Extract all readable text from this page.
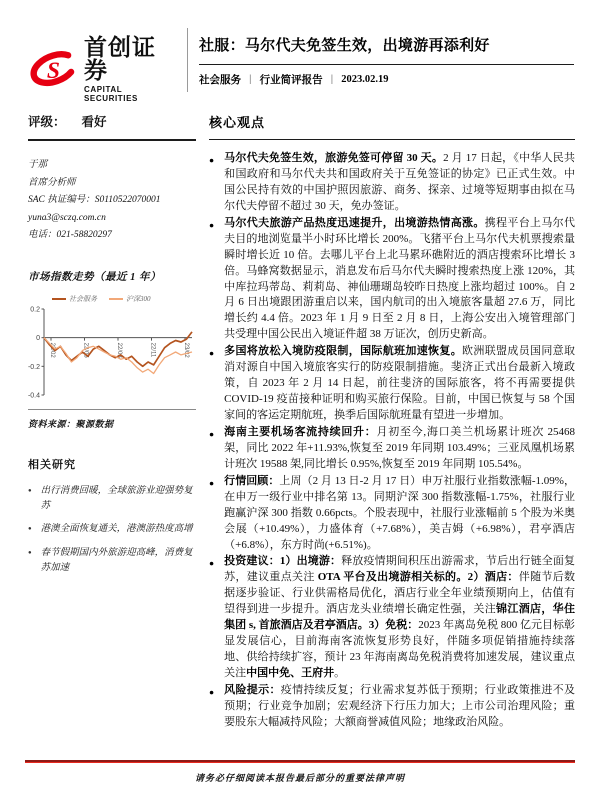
S
首创证券
CAPITAL SECURITIES
社服：马尔代夫免签生效，出境游再添利好
社会服务 | 行业简评报告 | 2023.02.19
评级： 看好
于那
首席分析师
SAC 执证编号：S0110522070001
yuna3@sczq.com.cn
电话：021-58820297
市场指数走势（最近 1 年）
社会服务	沪深300
0.2
0
-0.2
-0.4
22/02	22/05	22/08	22/11	23/02
资料来源：聚源数据
相关研究
● 出行消费回暖，全球旅游业迎强势复苏
● 港澳全面恢复通关，港澳游热度高增
● 春节假期国内外旅游迎高峰，消费复苏加速
核心观点
● 马尔代夫免签生效，旅游免签可停留 30 天。2 月 17 日起，《中华人民共和国政府和马尔代夫共和国政府关于互免签证的协定》已正式生效。中国公民持有效的中国护照因旅游、商务、探亲、过境等短期事由拟在马尔代夫停留不超过 30 天，免办签证。
● 马尔代夫旅游产品热度迅速提升，出境游热情高涨。携程平台上马尔代夫目的地浏览量半小时环比增长 200%。飞猪平台上马尔代夫机票搜索量瞬时增长近 10 倍。去哪儿平台上北马累环礁附近的酒店搜索环比增长 3 倍。马蜂窝数据显示，消息发布后马尔代夫瞬时搜索热度上涨 120%，其中库拉玛蒂岛、莉莉岛、神仙珊瑚岛较昨日热度上涨均超过 100%。自 2 月 6 日出境跟团游重启以来，国内航司的出入境旅客量超 27.6 万，同比增长约 4.4 倍。2023 年 1 月 9 日至 2 月 8 日，上海公安出入境管理部门共受理中国公民出入境证件超 38 万证次，创历史新高。
● 多国将放松入境防疫限制，国际航班加速恢复。欧洲联盟成员国同意取消对源自中国入境旅客实行的防疫限制措施。斐济正式出台最新入境政策，自 2023 年 2 月 14 日起，前往斐济的国际旅客，将不再需要提供 COVID-19 疫苗接种证明和购买旅行保险。目前，中国已恢复与 58 个国家间的客运定期航班，换季后国际航班量有望进一步增加。
● 海南主要机场客流持续回升：月初至今,海口美兰机场累计班次 25468 架，同比 2022 年+11.93%,恢复至 2019 年同期 103.49%；三亚凤凰机场累计班次 19588 架,同比增长 0.95%,恢复至 2019 年同期 105.54%。
● 行情回顾：上周（2 月 13 日-2 月 17 日）申万社服行业指数涨幅-1.09%，在申万一级行业中排名第 13。同期沪深 300 指数涨幅-1.75%，社服行业跑赢沪深 300 指数 0.66pcts。个股表现中，社服行业涨幅前 5 个股为米奥会展（+10.49%），力盛体育（+7.68%），美吉姆（+6.98%），君亭酒店（+6.8%），东方时尚(+6.51%)。
● 投资建议：1）出境游：释放疫情期间积压出游需求，节后出行链全面复苏，建议重点关注 OTA 平台及出境游相关标的。2）酒店：伴随节后数据逐步验证、行业供需格局优化，酒店行业全年业绩预期向上，估值有望得到进一步提升。酒店龙头业绩增长确定性强，关注锦江酒店，华住集团 s, 首旅酒店及君亭酒店。3）免税：2023 年离岛免税 800 亿元目标彰显发展信心，目前海南客流恢复形势良好，伴随多项促销措施持续落地、供给持续扩容，预计 23 年海南离岛免税消费将加速发展，建议重点关注中国中免、王府井。
● 风险提示：疫情持续反复；行业需求复苏低于预期；行业政策推进不及预期；行业竞争加剧；宏观经济下行压力加大；上市公司治理风险；重要股东大幅减持风险；大额商誉减值风险；地缘政治风险。
请务必仔细阅读本报告最后部分的重要法律声明
